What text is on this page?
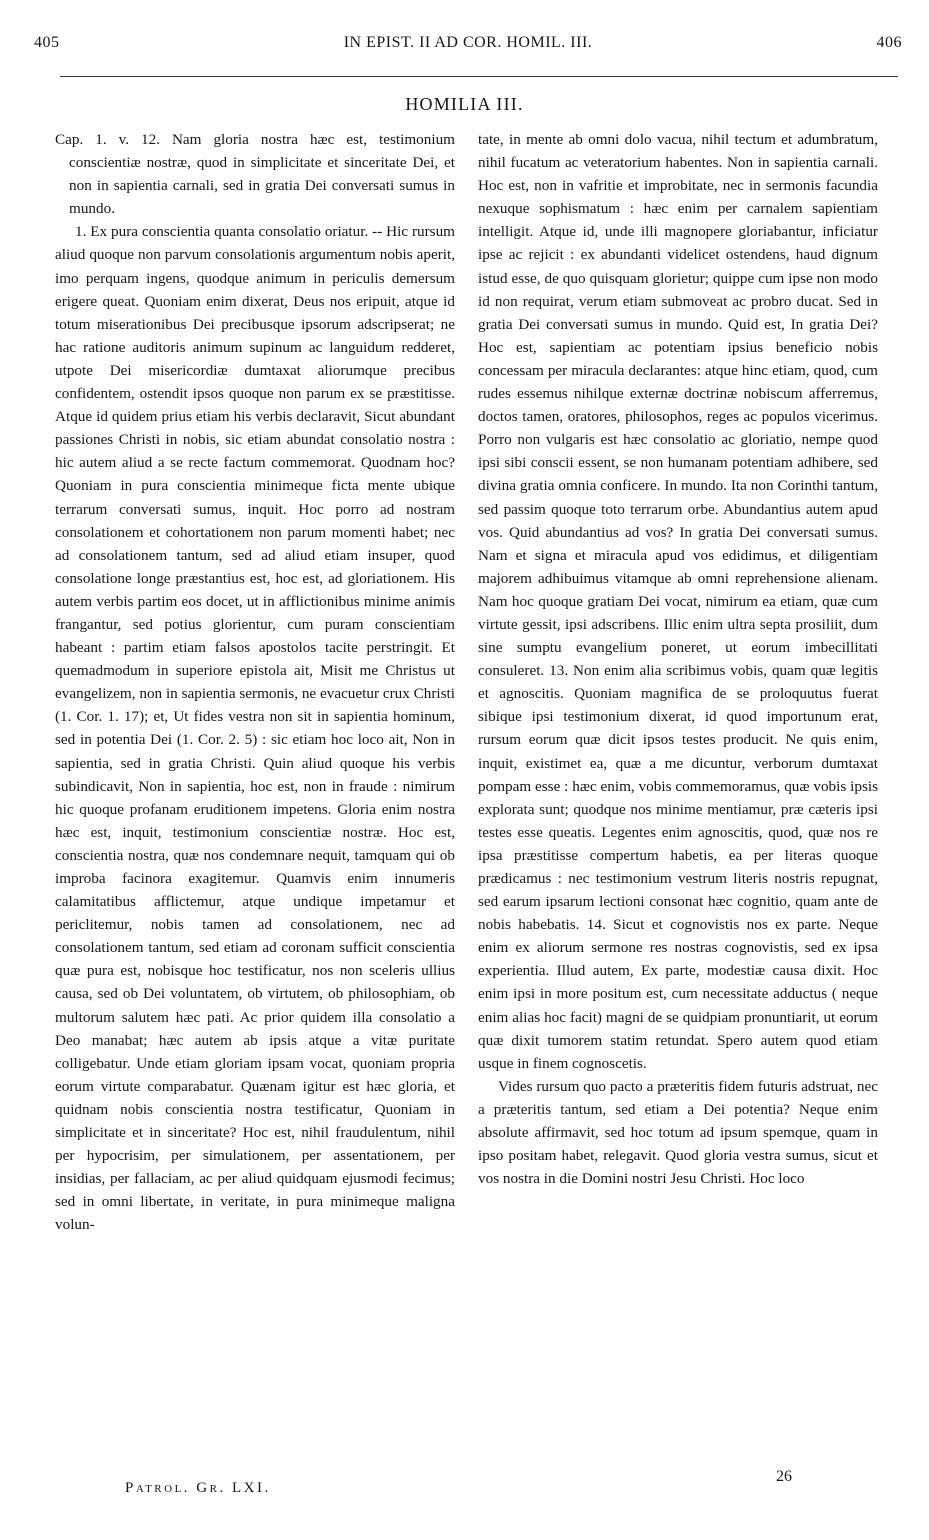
405	IN EPIST. II AD COR. HOMIL. III.	406
HOMILIA III.

Cap. 1. v. 12. Nam gloria nostra hæc est, testimonium conscientiæ nostræ, quod in simplicitate et sinceritate Dei, et non in sapientia carnali, sed in gratia Dei conversati sumus in mundo.

1. Ex pura conscientia quanta consolatio oriatur. -- Hic rursum aliud quoque non parvum consolationis argumentum nobis aperit, imo perquam ingens, quodque animum in periculis demersum erigere queat. Quoniam enim dixerat, Deus nos eripuit, atque id totum miserationibus Dei precibusque ipsorum adscripserat; ne hac ratione auditoris animum supinum ac languidum redderet, utpote Dei misericordiæ dumtaxat aliorumque precibus confidentem, ostendit ipsos quoque non parum ex se præstitisse. Atque id quidem prius etiam his verbis declaravit, Sicut abundant passiones Christi in nobis, sic etiam abundat consolatio nostra : hic autem aliud a se recte factum commemorat. Quodnam hoc? Quoniam in pura conscientia minimeque ficta mente ubique terrarum conversati sumus, inquit. Hoc porro ad nostram consolationem et cohortationem non parum momenti habet; nec ad consolationem tantum, sed ad aliud etiam insuper, quod consolatione longe præstantius est, hoc est, ad gloriationem. His autem verbis partim eos docet, ut in afflictionibus minime animis frangantur, sed potius glorientur, cum puram conscientiam habeant : partim etiam falsos apostolos tacite perstringit. Et quemadmodum in superiore epistola ait, Misit me Christus ut evangelizem, non in sapientia sermonis, ne evacuetur crux Christi (1. Cor. 1. 17); et, Ut fides vestra non sit in sapientia hominum, sed in potentia Dei (1. Cor. 2. 5) : sic etiam hoc loco ait, Non in sapientia, sed in gratia Christi. Quin aliud quoque his verbis subindicavit, Non in sapientia, hoc est, non in fraude : nimirum hic quoque profanam eruditionem impetens. Gloria enim nostra hæc est, inquit, testimonium conscientiæ nostræ. Hoc est, conscientia nostra, quæ nos condemnare nequit, tamquam qui ob improba facinora exagitemur. Quamvis enim innumeris calamitatibus afflictemur, atque undique impetamur et periclitemur, nobis tamen ad consolationem, nec ad consolationem tantum, sed etiam ad coronam sufficit conscientia quæ pura est, nobisque hoc testificatur, nos non sceleris ullius causa, sed ob Dei voluntatem, ob virtutem, ob philosophiam, ob multorum salutem hæc pati. Ac prior quidem illa consolatio a Deo manabat; hæc autem ab ipsis atque a vitæ puritate colligebatur. Unde etiam gloriam ipsam vocat, quoniam propria eorum virtute comparabatur. Quænam igitur est hæc gloria, et quidnam nobis conscientia nostra testificatur, Quoniam in simplicitate et in sinceritate? Hoc est, nihil fraudulentum, nihil per hypocrisim, per simulationem, per assentationem, per insidias, per fallaciam, ac per aliud quidquam ejusmodi fecimus; sed in omni libertate, in veritate, in pura minimeque maligna volun-

tate, in mente ab omni dolo vacua, nihil tectum et adumbratum, nihil fucatum ac veteratorium habentes. Non in sapientia carnali. Hoc est, non in vafritie et improbitate, nec in sermonis facundia nexuque sophismatum : hæc enim per carnalem sapientiam intelligit. Atque id, unde illi magnopere gloriabantur, inficiatur ipse ac rejicit : ex abundanti videlicet ostendens, haud dignum istud esse, de quo quisquam glorietur; quippe cum ipse non modo id non requirat, verum etiam submoveat ac probro ducat. Sed in gratia Dei conversati sumus in mundo. Quid est, In gratia Dei? Hoc est, sapientiam ac potentiam ipsius beneficio nobis concessam per miracula declarantes: atque hinc etiam, quod, cum rudes essemus nihilque externæ doctrinæ nobiscum afferremus, doctos tamen, oratores, philosophos, reges ac populos vicerimus. Porro non vulgaris est hæc consolatio ac gloriatio, nempe quod ipsi sibi conscii essent, se non humanam potentiam adhibere, sed divina gratia omnia conficere. In mundo. Ita non Corinthi tantum, sed passim quoque toto terrarum orbe. Abundantius autem apud vos. Quid abundantius ad vos? In gratia Dei conversati sumus. Nam et signa et miracula apud vos edidimus, et diligentiam majorem adhibuimus vitamque ab omni reprehensione alienam. Nam hoc quoque gratiam Dei vocat, nimirum ea etiam, quæ cum virtute gessit, ipsi adscribens. Illic enim ultra septa prosiliit, dum sine sumptu evangelium poneret, ut eorum imbecillitati consuleret. 13. Non enim alia scribimus vobis, quam quæ legitis et agnoscitis. Quoniam magnifica de se proloquutus fuerat sibique ipsi testimonium dixerat, id quod importunum erat, rursum eorum quæ dicit ipsos testes producit. Ne quis enim, inquit, existimet ea, quæ a me dicuntur, verborum dumtaxat pompam esse : hæc enim, vobis commemoramus, quæ vobis ipsis explorata sunt; quodque nos minime mentiamur, præ cæteris ipsi testes esse queatis. Legentes enim agnoscitis, quod, quæ nos re ipsa præstitisse compertum habetis, ea per literas quoque prædicamus : nec testimonium vestrum literis nostris repugnat, sed earum ipsarum lectioni consonat hæc cognitio, quam ante de nobis habebatis. 14. Sicut et cognovistis nos ex parte. Neque enim ex aliorum sermone res nostras cognovistis, sed ex ipsa experientia. Illud autem, Ex parte, modestiæ causa dixit. Hoc enim ipsi in more positum est, cum necessitate adductus ( neque enim alias hoc facit) magni de se quidpiam pronuntiarit, ut eorum quæ dixit tumorem statim retundat. Spero autem quod etiam usque in finem cognoscetis.

Vides rursum quo pacto a præteritis fidem futuris adstruat, nec a præteritis tantum, sed etiam a Dei potentia? Neque enim absolute affirmavit, sed hoc totum ad ipsum spemque, quam in ipso positam habet, relegavit. Quod gloria vestra sumus, sicut et vos nostra in die Domini nostri Jesu Christi. Hoc loco

Patrol. Gr. LXI.
26
